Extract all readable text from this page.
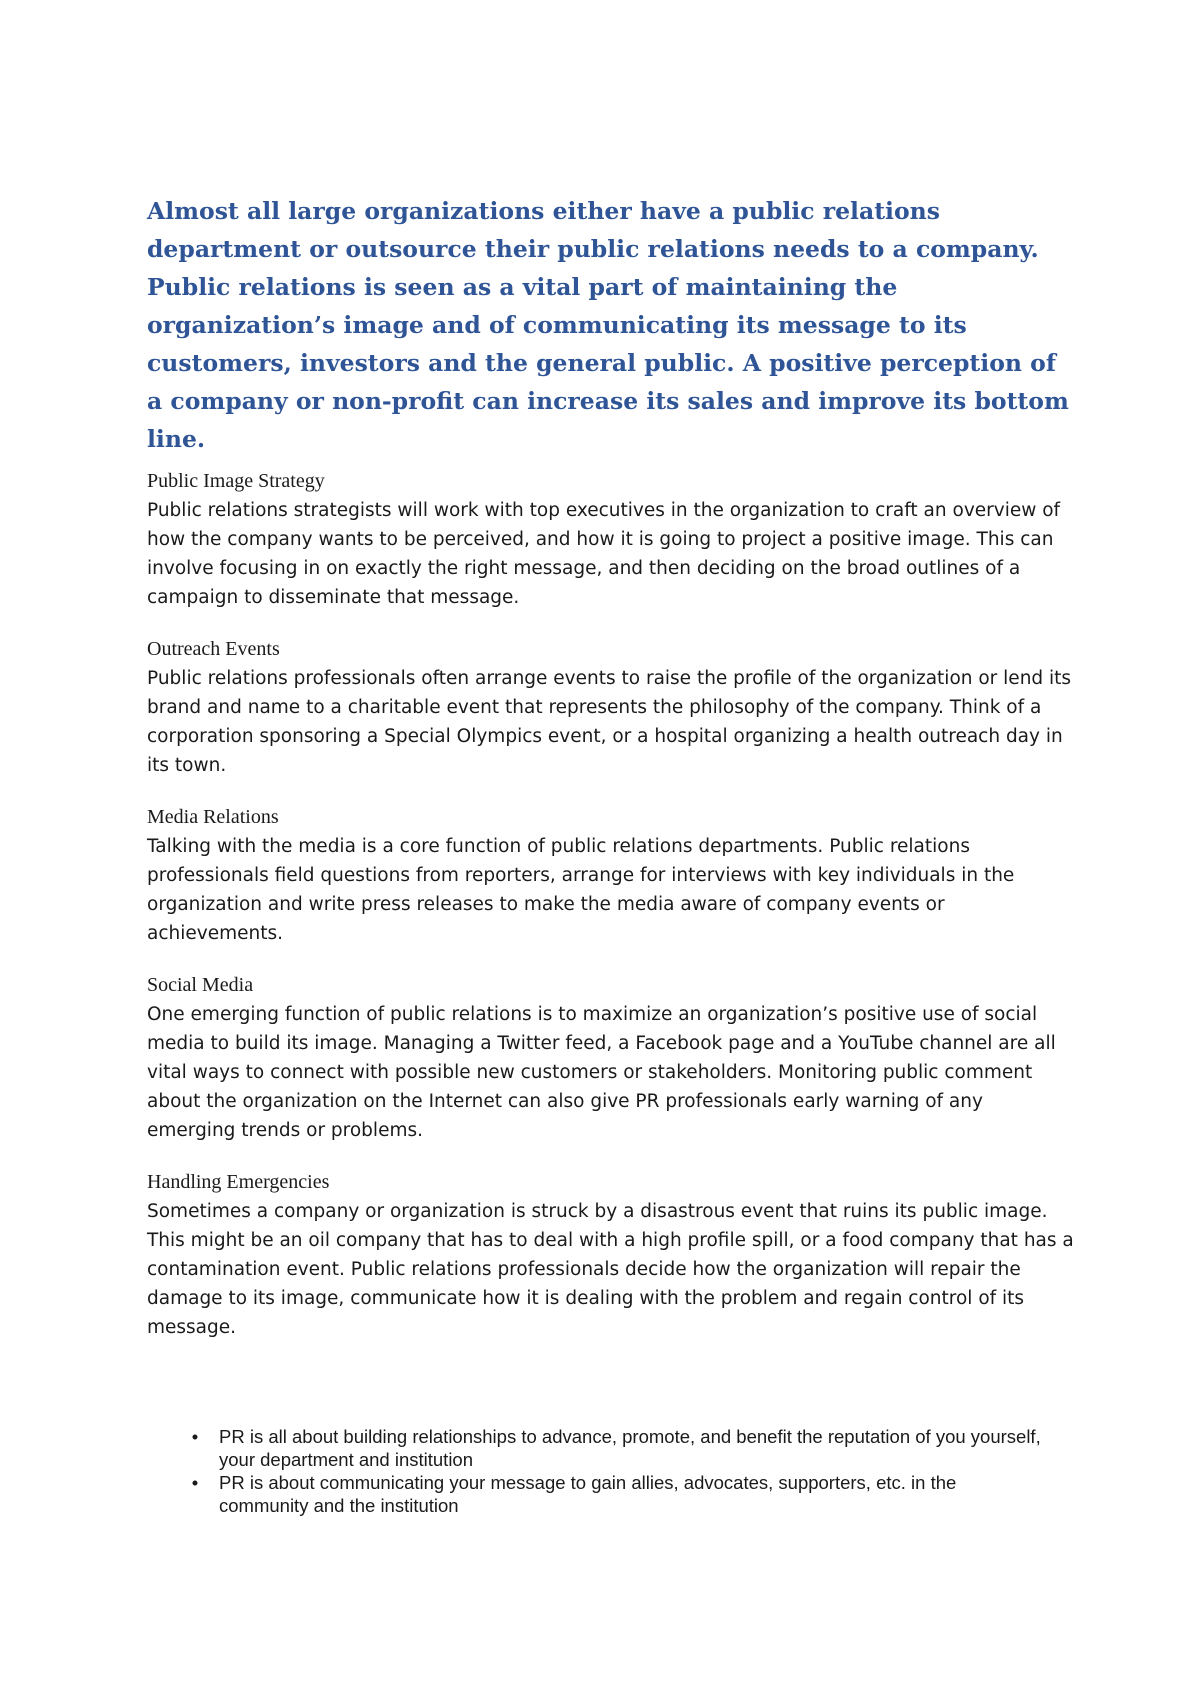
Almost all large organizations either have a public relations department or outsource their public relations needs to a company. Public relations is seen as a vital part of maintaining the organization’s image and of communicating its message to its customers, investors and the general public. A positive perception of a company or non-profit can increase its sales and improve its bottom line.

Public Image Strategy

Public relations strategists will work with top executives in the organization to craft an overview of how the company wants to be perceived, and how it is going to project a positive image. This can involve focusing in on exactly the right message, and then deciding on the broad outlines of a campaign to disseminate that message.

Outreach Events

Public relations professionals often arrange events to raise the profile of the organization or lend its brand and name to a charitable event that represents the philosophy of the company. Think of a corporation sponsoring a Special Olympics event, or a hospital organizing a health outreach day in its town.

Media Relations

Talking with the media is a core function of public relations departments. Public relations professionals field questions from reporters, arrange for interviews with key individuals in the organization and write press releases to make the media aware of company events or achievements.

Social Media

One emerging function of public relations is to maximize an organization’s positive use of social media to build its image. Managing a Twitter feed, a Facebook page and a YouTube channel are all vital ways to connect with possible new customers or stakeholders. Monitoring public comment about the organization on the Internet can also give PR professionals early warning of any emerging trends or problems.

Handling Emergencies

Sometimes a company or organization is struck by a disastrous event that ruins its public image. This might be an oil company that has to deal with a high profile spill, or a food company that has a contamination event. Public relations professionals decide how the organization will repair the damage to its image, communicate how it is dealing with the problem and regain control of its message.

• PR is all about building relationships to advance, promote, and benefit the reputation of you yourself, your department and institution
• PR is about communicating your message to gain allies, advocates, supporters, etc. in the community and the institution
